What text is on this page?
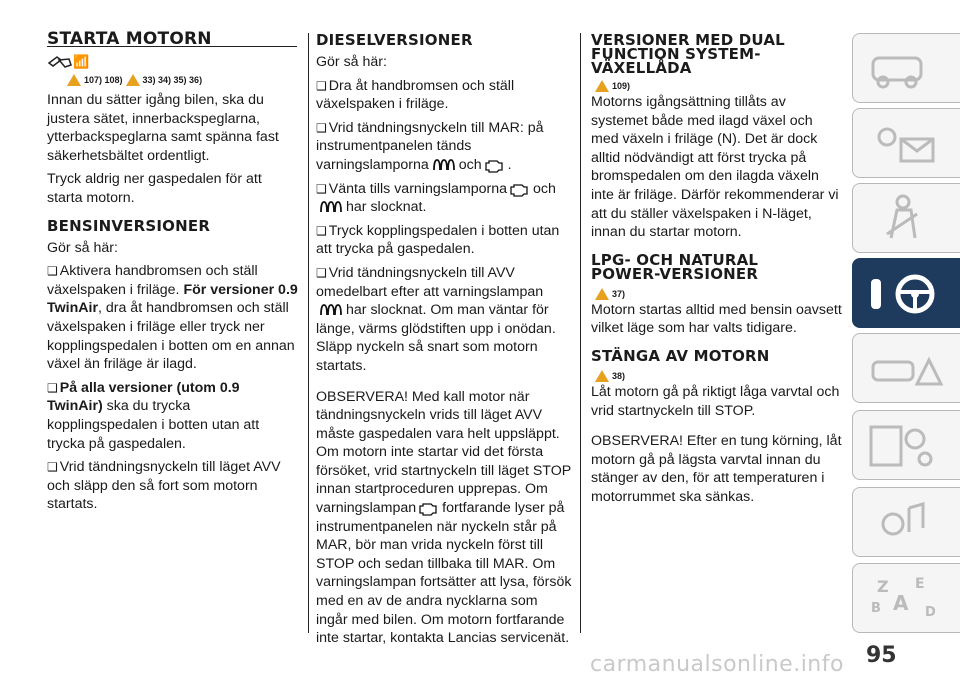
STARTA MOTORN
📶
107) 108) 33) 34) 35) 36)

Innan du sätter igång bilen, ska du justera sätet, innerbackspeglarna, ytterbackspeglarna samt spänna fast säkerhetsbältet ordentligt.

Tryck aldrig ner gaspedalen för att starta motorn.

BENSINVERSIONER

Gör så här:

❑ Aktivera handbromsen och ställ växelspaken i friläge. För versioner 0.9 TwinAir, dra åt handbromsen och ställ växelspaken i friläge eller tryck ner kopplingspedalen i botten om en annan växel än friläge är ilagd.

❑ På alla versioner (utom 0.9 TwinAir) ska du trycka kopplingspedalen i botten utan att trycka på gaspedalen.

❑ Vrid tändningsnyckeln till läget AVV och släpp den så fort som motorn startats.

DIESELVERSIONER

Gör så här:

❑ Dra åt handbromsen och ställ växelspaken i friläge.

❑ Vrid tändningsnyckeln till MAR: på instrumentpanelen tänds varningslamporna och .

❑ Vänta tills varningslamporna och
har slocknat.

❑ Tryck kopplingspedalen i botten utan att trycka på gaspedalen.

❑ Vrid tändningsnyckeln till AVV omedelbart efter att varningslampan
har slocknat. Om man väntar för länge, värms glödstiften upp i onödan. Släpp nyckeln så snart som motorn startats.

OBSERVERA! Med kall motor när tändningsnyckeln vrids till läget AVV måste gaspedalen vara helt uppsläppt. Om motorn inte startar vid det första försöket, vrid startnyckeln till läget STOP innan startproceduren upprepas. Om varningslampan fortfarande lyser på instrumentpanelen när nyckeln står på MAR, bör man vrida nyckeln först till STOP och sedan tillbaka till MAR. Om varningslampan fortsätter att lysa, försök med en av de andra nycklarna som ingår med bilen. Om motorn fortfarande inte startar, kontakta Lancias servicenät.

VERSIONER MED DUAL FUNCTION SYSTEM-VÄXELLÅDA
109)

Motorns igångsättning tillåts av systemet både med ilagd växel och med växeln i friläge (N). Det är dock alltid nödvändigt att först trycka på bromspedalen om den ilagda växeln inte är friläge. Därför rekommenderar vi att du ställer växelspaken i N-läget, innan du startar motorn.

LPG- OCH NATURAL POWER-VERSIONER
37)

Motorn startas alltid med bensin oavsett vilket läge som har valts tidigare.

STÄNGA AV MOTORN
38)

Låt motorn gå på riktigt låga varvtal och vrid startnyckeln till STOP.

OBSERVERA! Efter en tung körning, låt motorn gå på lägsta varvtal innan du stänger av den, för att temperaturen i motorrummet ska sänkas.

Z E
A
B	D
95
carmanualsonline.info
